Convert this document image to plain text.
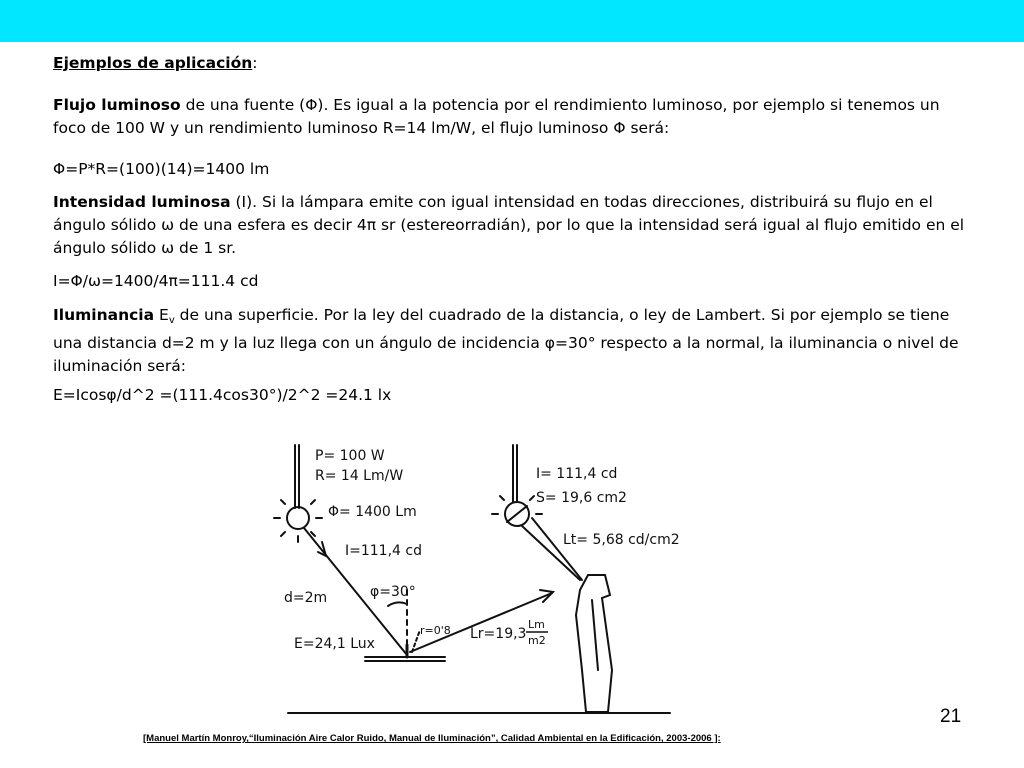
Ejemplos de aplicación:
Flujo luminoso de una fuente (Φ). Es igual a la potencia por el rendimiento luminoso, por ejemplo si tenemos un foco de 100 W y un rendimiento luminoso R=14 lm/W, el flujo luminoso Φ será:
Φ=P*R=(100)(14)=1400 lm
Intensidad luminosa (I). Si la lámpara emite con igual intensidad en todas direcciones, distribuirá su flujo en el ángulo sólido ω de una esfera es decir 4π sr (estereorradián), por lo que la intensidad será igual al flujo emitido en el ángulo sólido ω de 1 sr.
I=Φ/ω=1400/4π=111.4 cd
Iluminancia $E_v$ de una superficie. Por la ley del cuadrado de la distancia, o ley de Lambert. Si por ejemplo se tiene una distancia d=2 m y la luz llega con un ángulo de incidencia φ=30° respecto a la normal, la iluminancia o nivel de iluminación será:
E=Icosφ/d^2 =(111.4cos30°)/2^2 =24.1 lx
P= 100 W
R= 14 Lm/W
Φ= 1400 Lm
I=111,4 cd
d=2m	φ=30°
r=0'8
E=24,1 Lux
Lr=19,3
Lm
m2
I= 111,4 cd
S= 19,6 cm2
Lt= 5,68 cd/cm2
21
[Manuel Martín Monroy,“Iluminación Aire Calor Ruido, Manual de Iluminación”, Calidad Ambiental en la Edificación, 2003-2006 ]:
